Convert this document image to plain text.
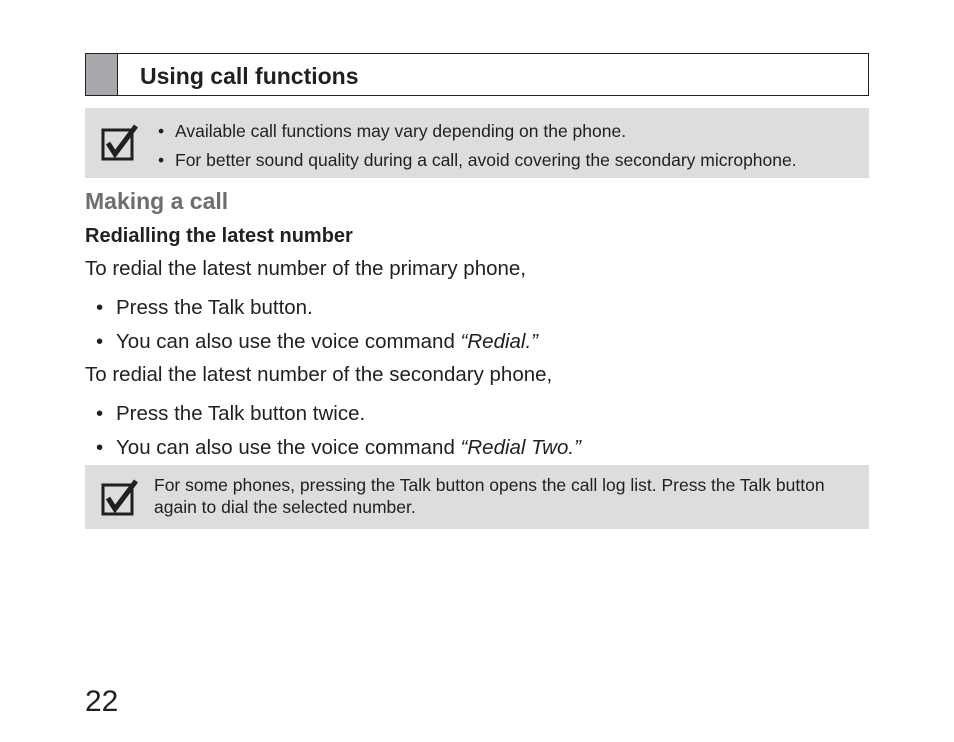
Using call functions
• Available call functions may vary depending on the phone.
• For better sound quality during a call, avoid covering the secondary microphone.
Making a call
Redialling the latest number

To redial the latest number of the primary phone,

• Press the Talk button.

• You can also use the voice command “Redial.”

To redial the latest number of the secondary phone,

• Press the Talk button twice.

• You can also use the voice command “Redial Two.”

For some phones, pressing the Talk button opens the call log list. Press the Talk button again to dial the selected number.

22
